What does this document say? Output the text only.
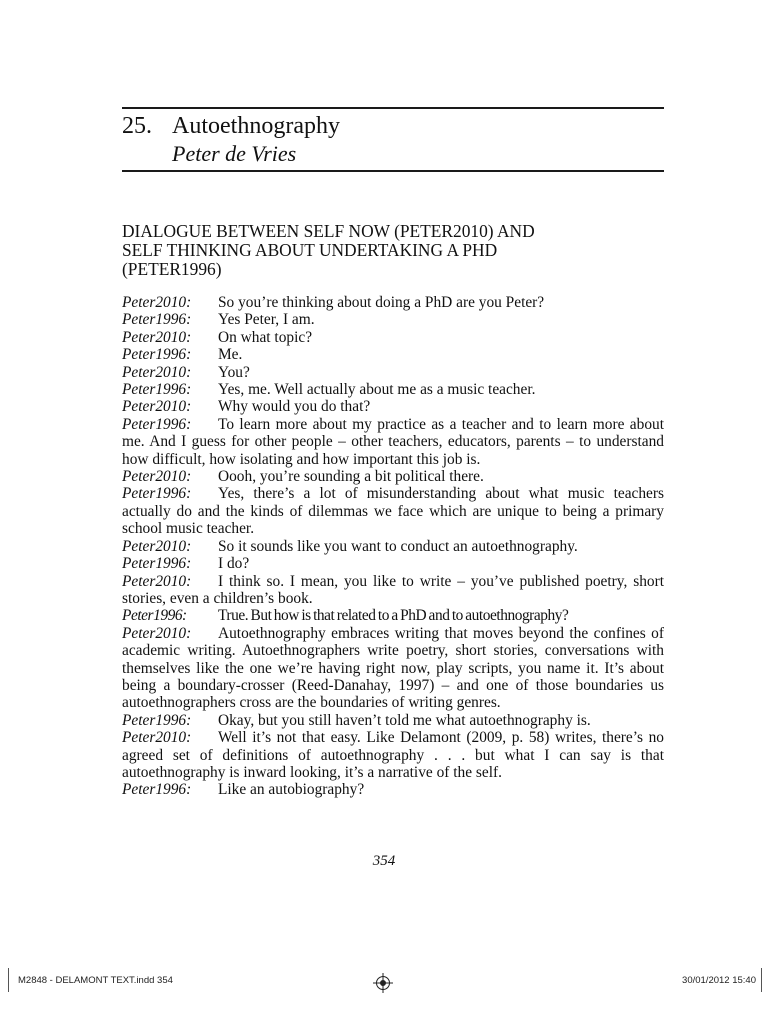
25. Autoethnography
Peter de Vries
DIALOGUE BETWEEN SELF NOW (PETER2010) AND
SELF THINKING ABOUT UNDERTAKING A PHD
(PETER1996)

Peter2010: So you’re thinking about doing a PhD are you Peter?

Peter1996: Yes Peter, I am.

Peter2010: On what topic?

Peter1996: Me.

Peter2010: You?

Peter1996: Yes, me. Well actually about me as a music teacher.

Peter2010: Why would you do that?

Peter1996: To learn more about my practice as a teacher and to learn more about me. And I guess for other people – other teachers, educators, parents – to understand how difficult, how isolating and how important this job is.

Peter2010: Oooh, you’re sounding a bit political there.

Peter1996: Yes, there’s a lot of misunderstanding about what music teachers actually do and the kinds of dilemmas we face which are unique to being a primary school music teacher.

Peter2010: So it sounds like you want to conduct an autoethnography.

Peter1996: I do?

Peter2010: I think so. I mean, you like to write – you’ve published poetry, short stories, even a children’s book.

Peter1996: True. But how is that related to a PhD and to autoethnography?

Peter2010: Autoethnography embraces writing that moves beyond the confines of academic writing. Autoethnographers write poetry, short stories, conversations with themselves like the one we’re having right now, play scripts, you name it. It’s about being a boundary-crosser (Reed-Danahay, 1997) – and one of those boundaries us autoethnographers cross are the boundaries of writing genres.

Peter1996: Okay, but you still haven’t told me what autoethnography is.

Peter2010: Well it’s not that easy. Like Delamont (2009, p. 58) writes, there’s no agreed set of definitions of autoethnography . . . but what I can say is that autoethnography is inward looking, it’s a narrative of the self.

Peter1996: Like an autobiography?

354
M2848 - DELAMONT TEXT.indd 354	30/01/2012 15:40
